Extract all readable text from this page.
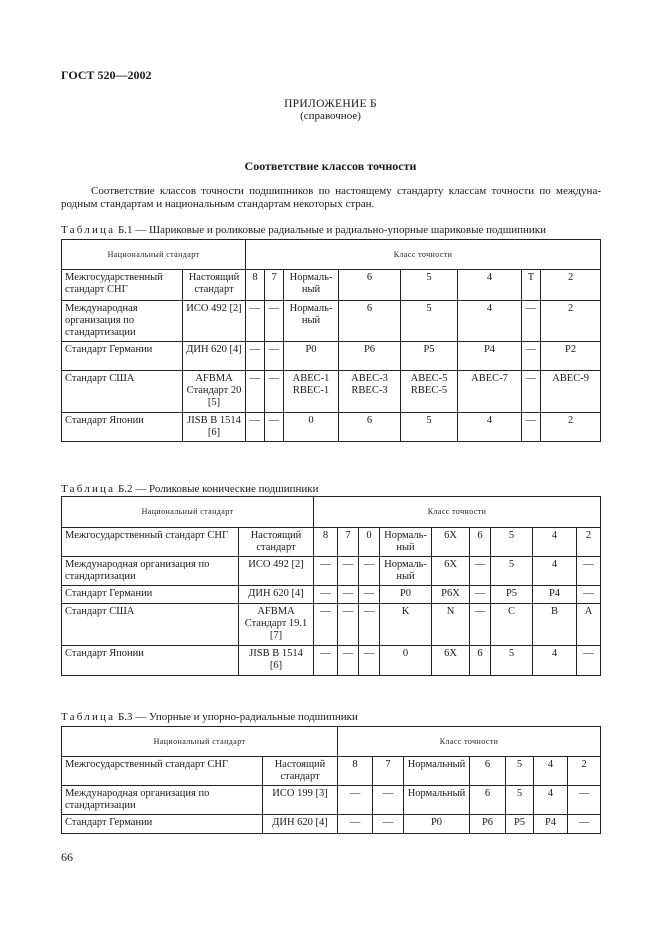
ГОСТ 520—2002

ПРИЛОЖЕНИЕ Б

(справочное)

Соответствие классов точности

Соответствие классов точности подшипников по настоящему стандарту классам точности по междуна-родным стандартам и национальным стандартам некоторых стран.

Таблица Б.1 — Шариковые и роликовые радиальные и радиально-упорные шариковые подшипники

Национальный стандарт		Класс точности							
Межгосударственный стандарт СНГ	Настоящий стандарт	8	7	Нормаль-ный	6	5	4	Т	2
Международная организация по стандартизации	ИСО 492 [2]	—	—	Нормаль-ный	6	5	4	—	2
Стандарт Германии	ДИН 620 [4]	—	—	P0	P6	P5	P4	—	P2
Стандарт США	AFBMA Стандарт 20 [5]	—	—	ABEC-1 RBEC-1	ABEC-3 RBEC-3	ABEC-5 RBEC-5	ABEC-7	—	ABEC-9
Стандарт Японии	JISB B 1514 [6]	—	—	0	6	5	4	—	2

Таблица Б.2 — Роликовые конические подшипники

Национальный стандарт		Класс точности								
Межгосударственный стандарт СНГ	Настоящий стандарт	8	7	0	Нормаль-ный	6X	6	5	4	2
Международная организация по стандартизации	ИСО 492 [2]	—	—	—	Нормаль-ный	6X	—	5	4	—
Стандарт Германии	ДИН 620 [4]	—	—	—	P0	P6X	—	P5	P4	—
Стандарт США	AFBMA Стандарт 19.1 [7]	—	—	—	K	N	—	C	B	A
Стандарт Японии	JISB B 1514 [6]	—	—	—	0	6X	6	5	4	—

Таблица Б.3 — Упорные и упорно-радиальные подшипники

Национальный стандарт		Класс точности						
Межгосударственный стандарт СНГ	Настоящий стандарт	8	7	Нормальный	6	5	4	2
Международная организация по стандартизации	ИСО 199 [3]	—	—	Нормальный	6	5	4	—
Стандарт Германии	ДИН 620 [4]	—	—	P0	P6	P5	P4	—

66
